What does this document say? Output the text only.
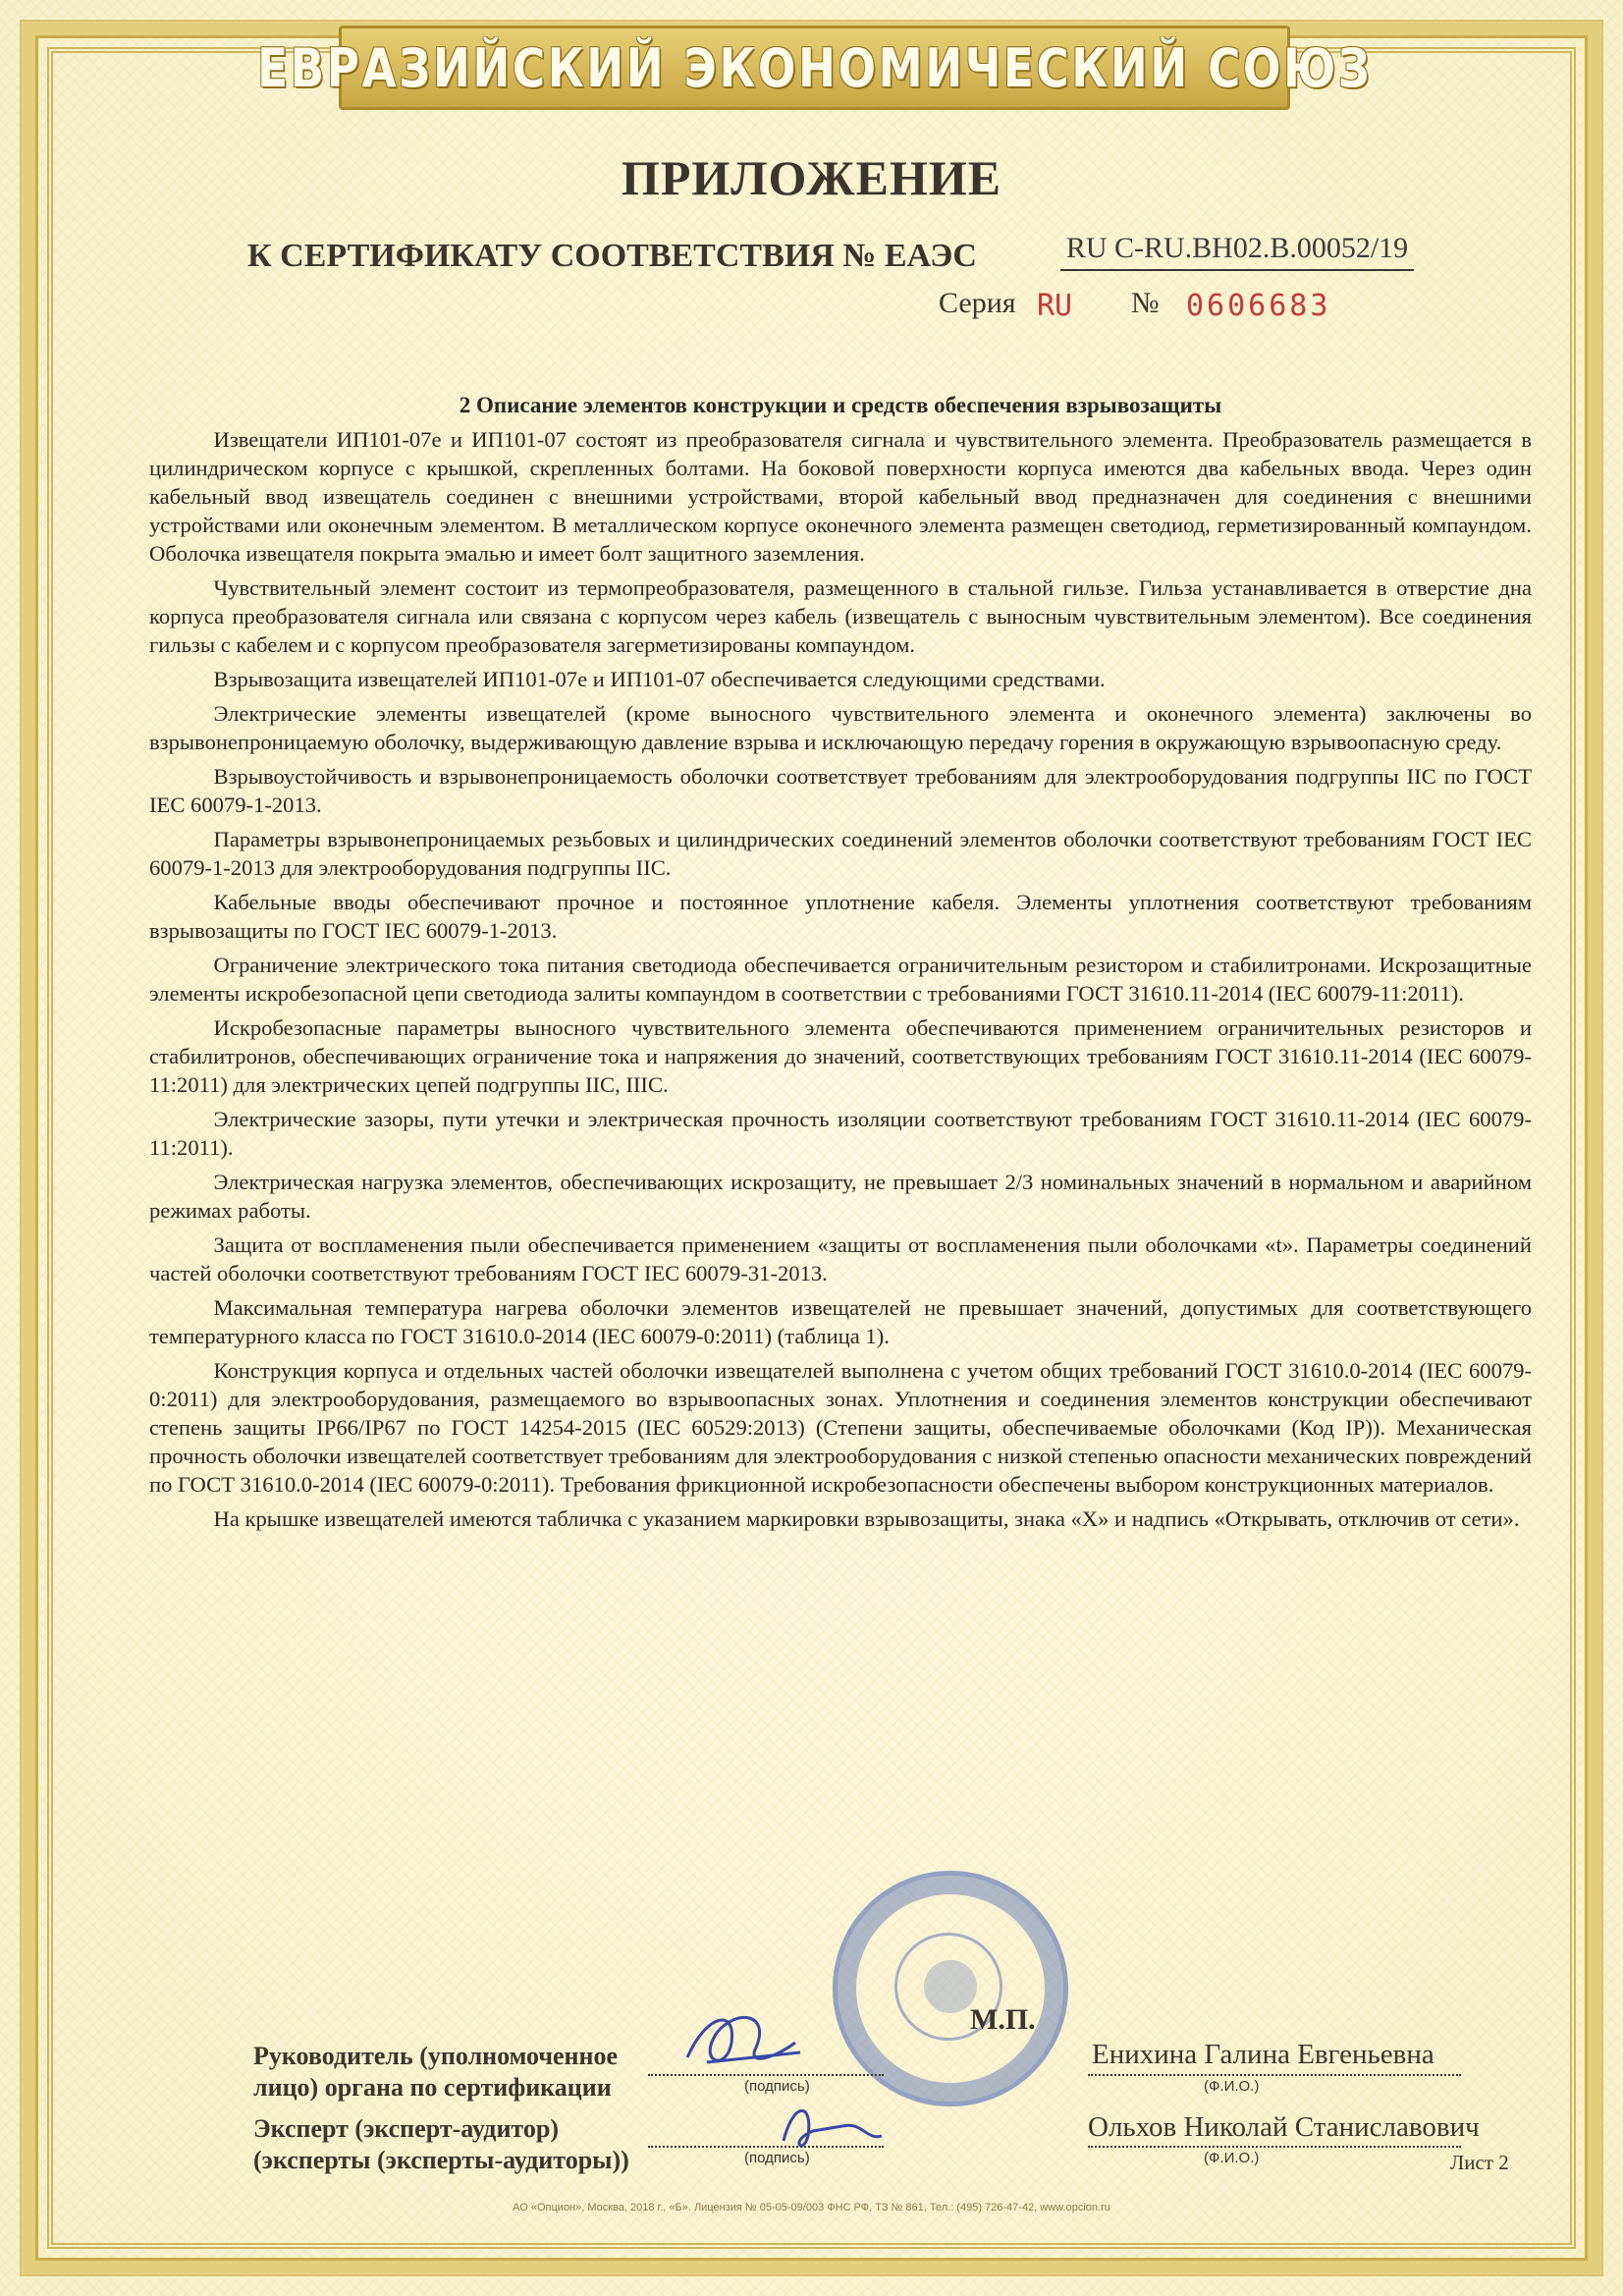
ЕВРАЗИЙСКИЙ ЭКОНОМИЧЕСКИЙ СОЮЗ
ПРИЛОЖЕНИЕ
К СЕРТИФИКАТУ СООТВЕТСТВИЯ № ЕАЭС	RU C-RU.BH02.B.00052/19
Серия RU № 0606683
2 Описание элементов конструкции и средств обеспечения взрывозащиты

Извещатели ИП101-07е и ИП101-07 состоят из преобразователя сигнала и чувствительного элемента. Преобразователь размещается в цилиндрическом корпусе с крышкой, скрепленных болтами. На боковой поверхности корпуса имеются два кабельных ввода. Через один кабельный ввод извещатель соединен с внешними устройствами, второй кабельный ввод предназначен для соединения с внешними устройствами или оконечным элементом. В металлическом корпусе оконечного элемента размещен светодиод, герметизированный компаундом. Оболочка извещателя покрыта эмалью и имеет болт защитного заземления.

Чувствительный элемент состоит из термопреобразователя, размещенного в стальной гильзе. Гильза устанавливается в отверстие дна корпуса преобразователя сигнала или связана с корпусом через кабель (извещатель с выносным чувствительным элементом). Все соединения гильзы с кабелем и с корпусом преобразователя загерметизированы компаундом.

Взрывозащита извещателей ИП101-07е и ИП101-07 обеспечивается следующими средствами.

Электрические элементы извещателей (кроме выносного чувствительного элемента и оконечного элемента) заключены во взрывонепроницаемую оболочку, выдерживающую давление взрыва и исключающую передачу горения в окружающую взрывоопасную среду.

Взрывоустойчивость и взрывонепроницаемость оболочки соответствует требованиям для электрооборудования подгруппы IIC по ГОСТ IEC 60079-1-2013.

Параметры взрывонепроницаемых резьбовых и цилиндрических соединений элементов оболочки соответствуют требованиям ГОСТ IEC 60079-1-2013 для электрооборудования подгруппы IIC.

Кабельные вводы обеспечивают прочное и постоянное уплотнение кабеля. Элементы уплотнения соответствуют требованиям взрывозащиты по ГОСТ IEC 60079-1-2013.

Ограничение электрического тока питания светодиода обеспечивается ограничительным резистором и стабилитронами. Искрозащитные элементы искробезопасной цепи светодиода залиты компаундом в соответствии с требованиями ГОСТ 31610.11-2014 (IEC 60079-11:2011).

Искробезопасные параметры выносного чувствительного элемента обеспечиваются применением ограничительных резисторов и стабилитронов, обеспечивающих ограничение тока и напряжения до значений, соответствующих требованиям ГОСТ 31610.11-2014 (IEC 60079-11:2011) для электрических цепей подгруппы IIC, IIIC.

Электрические зазоры, пути утечки и электрическая прочность изоляции соответствуют требованиям ГОСТ 31610.11-2014 (IEC 60079-11:2011).

Электрическая нагрузка элементов, обеспечивающих искрозащиту, не превышает 2/3 номинальных значений в нормальном и аварийном режимах работы.

Защита от воспламенения пыли обеспечивается применением «защиты от воспламенения пыли оболочками «t». Параметры соединений частей оболочки соответствуют требованиям ГОСТ IEC 60079-31-2013.

Максимальная температура нагрева оболочки элементов извещателей не превышает значений, допустимых для соответствующего температурного класса по ГОСТ 31610.0-2014 (IEC 60079-0:2011) (таблица 1).

Конструкция корпуса и отдельных частей оболочки извещателей выполнена с учетом общих требований ГОСТ 31610.0-2014 (IEC 60079-0:2011) для электрооборудования, размещаемого во взрывоопасных зонах. Уплотнения и соединения элементов конструкции обеспечивают степень защиты IP66/IP67 по ГОСТ 14254-2015 (IEC 60529:2013) (Степени защиты, обеспечиваемые оболочками (Код IP)). Механическая прочность оболочки извещателей соответствует требованиям для электрооборудования с низкой степенью опасности механических повреждений по ГОСТ 31610.0-2014 (IEC 60079-0:2011). Требования фрикционной искробезопасности обеспечены выбором конструкционных материалов.

На крышке извещателей имеются табличка с указанием маркировки взрывозащиты, знака «Х» и надпись «Открывать, отключив от сети».

Руководитель (уполномоченное
лицо) органа по сертификации	(подпись)
Енихина Галина Евгеньевна
(Ф.И.О.)
М.П.
Эксперт (эксперт-аудитор)
(эксперты (эксперты-аудиторы))	(подпись)
Ольхов Николай Станиславович
(Ф.И.О.)	Лист 2
АО «Опцион», Москва, 2018 г., «Б». Лицензия № 05-05-09/003 ФНС РФ, ТЗ № 861, Тел.: (495) 726-47-42, www.opcion.ru
